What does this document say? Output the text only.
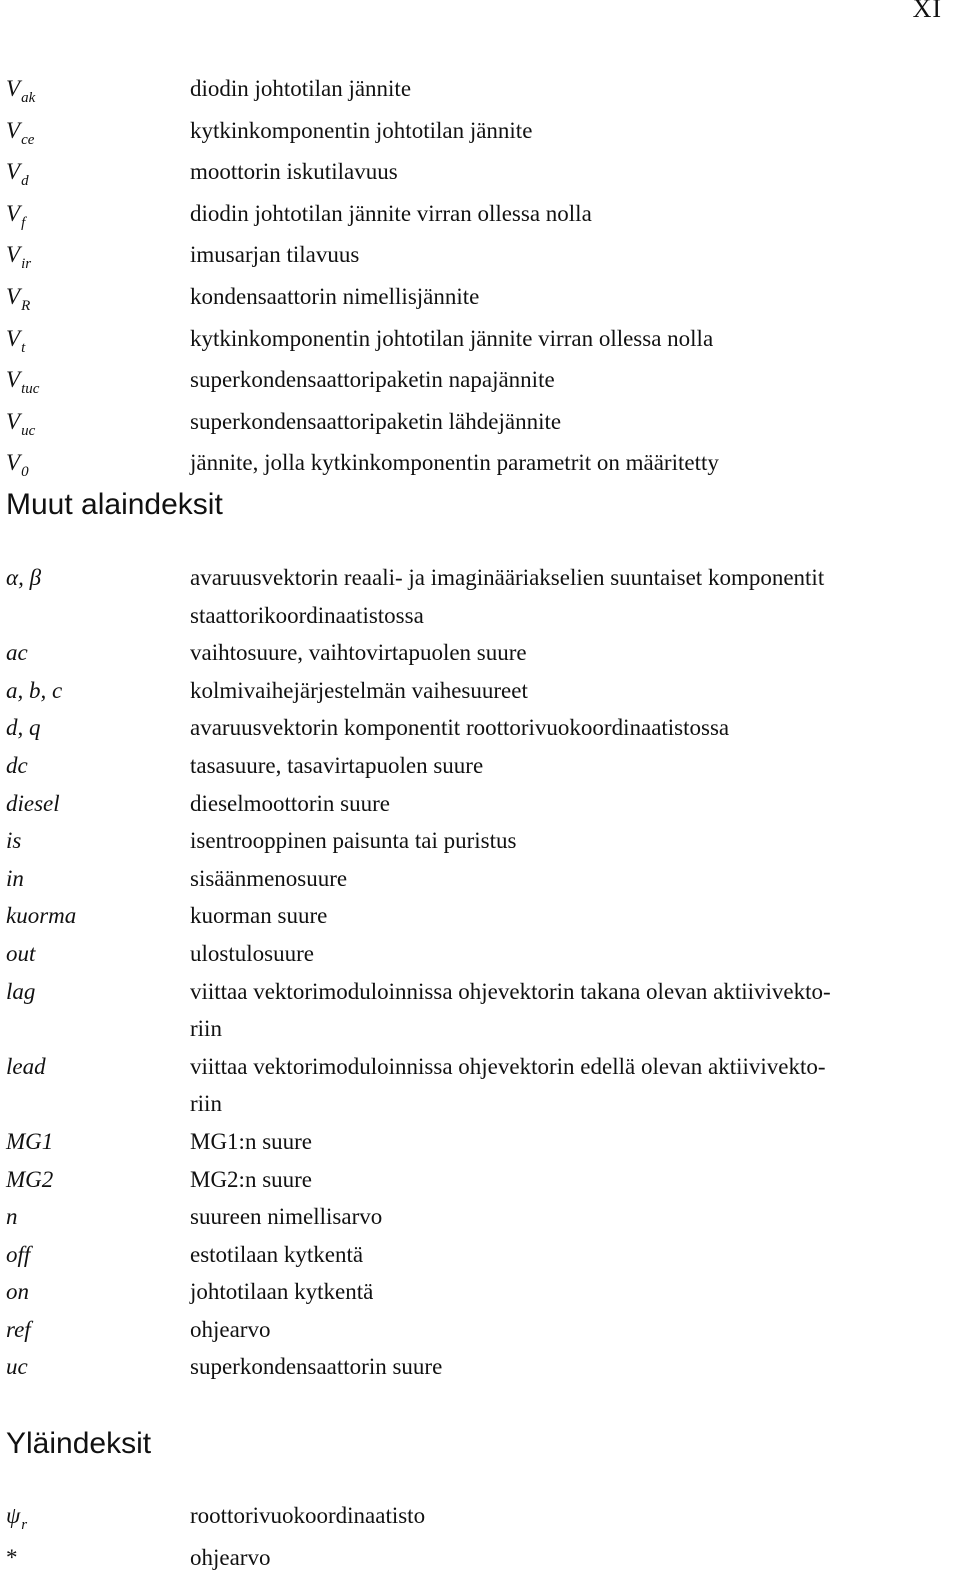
XI
$V_{ak}$	diodin johtotilan jännite
$V_{ce}$	kytkinkomponentin johtotilan jännite
$V_d$	moottorin iskutilavuus
$V_f$	diodin johtotilan jännite virran ollessa nolla
$V_{ir}$	imusarjan tilavuus
$V_R$	kondensaattorin nimellisjännite
$V_t$	kytkinkomponentin johtotilan jännite virran ollessa nolla
$V_{tuc}$	superkondensaattoripaketin napajännite
$V_{uc}$	superkondensaattoripaketin lähdejännite
$V_0$	jännite, jolla kytkinkomponentin parametrit on määritetty
Muut alaindeksit
α, β	avaruusvektorin reaali- ja imaginääriakselien suuntaiset komponentit
staattorikoordinaatistossa
ac	vaihtosuure, vaihtovirtapuolen suure
a, b, c	kolmivaihejärjestelmän vaihesuureet
d, q	avaruusvektorin komponentit roottorivuokoordinaatistossa
dc	tasasuure, tasavirtapuolen suure
diesel	dieselmoottorin suure
is	isentrooppinen paisunta tai puristus
in	sisäänmenosuure
kuorma	kuorman suure
out	ulostulosuure
lag	viittaa vektorimoduloinnissa ohjevektorin takana olevan aktiivivekto-
riin
lead	viittaa vektorimoduloinnissa ohjevektorin edellä olevan aktiivivekto-
riin
MG1	MG1:n suure
MG2	MG2:n suure
n	suureen nimellisarvo
off	estotilaan kytkentä
on	johtotilaan kytkentä
ref	ohjearvo
uc	superkondensaattorin suure
Yläindeksit
$\psi_r$	roottorivuokoordinaatisto
*	ohjearvo
